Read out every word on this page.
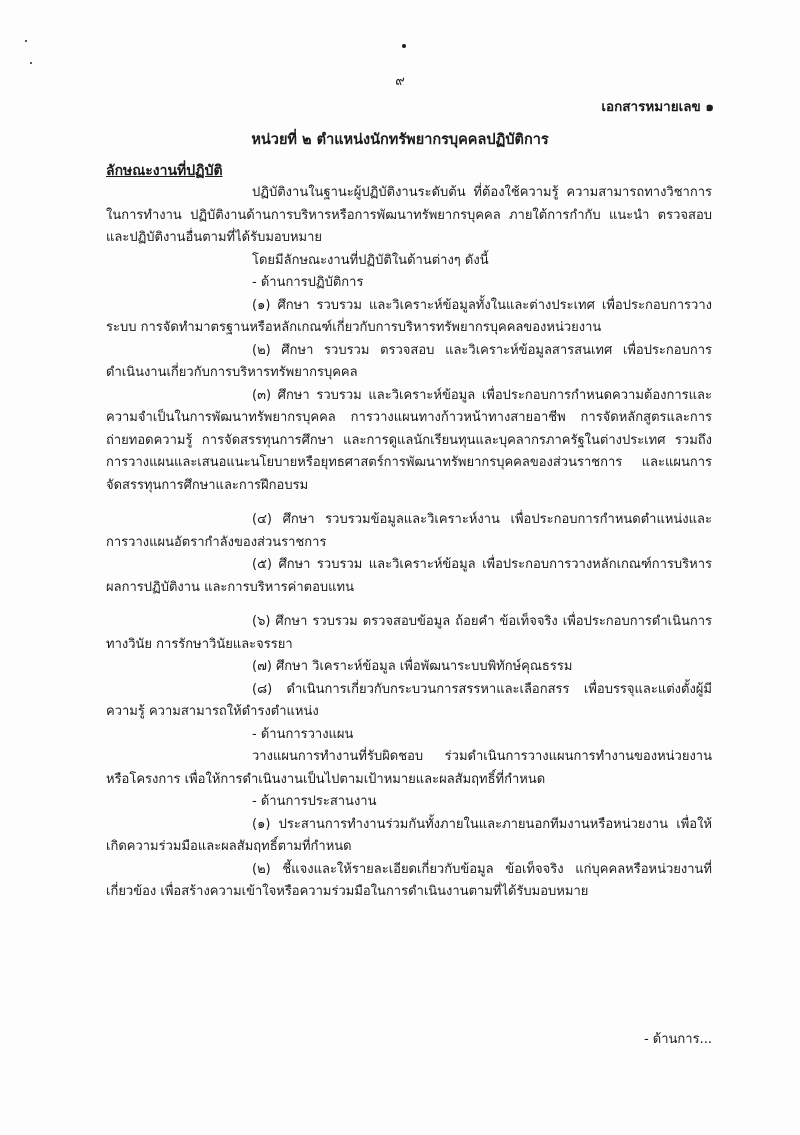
๙
เอกสารหมายเลข ๑
หน่วยที่ ๒ ตำแหน่งนักทรัพยากรบุคคลปฏิบัติการ
ลักษณะงานที่ปฏิบัติ

ปฏิบัติงานในฐานะผู้ปฏิบัติงานระดับต้น ที่ต้องใช้ความรู้ ความสามารถทางวิชาการในการทำงาน ปฏิบัติงานด้านการบริหารหรือการพัฒนาทรัพยากรบุคคล ภายใต้การกำกับ แนะนำ ตรวจสอบ และปฏิบัติงานอื่นตามที่ได้รับมอบหมาย

โดยมีลักษณะงานที่ปฏิบัติในด้านต่างๆ ดังนี้

- ด้านการปฏิบัติการ

(๑) ศึกษา รวบรวม และวิเคราะห์ข้อมูลทั้งในและต่างประเทศ เพื่อประกอบการวางระบบ การจัดทำมาตรฐานหรือหลักเกณฑ์เกี่ยวกับการบริหารทรัพยากรบุคคลของหน่วยงาน

(๒) ศึกษา รวบรวม ตรวจสอบ และวิเคราะห์ข้อมูลสารสนเทศ เพื่อประกอบการดำเนินงานเกี่ยวกับการบริหารทรัพยากรบุคคล

(๓) ศึกษา รวบรวม และวิเคราะห์ข้อมูล เพื่อประกอบการกำหนดความต้องการและความจำเป็นในการพัฒนาทรัพยากรบุคคล การวางแผนทางก้าวหน้าทางสายอาชีพ การจัดหลักสูตรและการถ่ายทอดความรู้ การจัดสรรทุนการศึกษา และการดูแลนักเรียนทุนและบุคลากรภาครัฐในต่างประเทศ รวมถึงการวางแผนและเสนอแนะนโยบายหรือยุทธศาสตร์การพัฒนาทรัพยากรบุคคลของส่วนราชการ และแผนการจัดสรรทุนการศึกษาและการฝึกอบรม

(๔) ศึกษา รวบรวมข้อมูลและวิเคราะห์งาน เพื่อประกอบการกำหนดตำแหน่งและการวางแผนอัตรากำลังของส่วนราชการ

(๕) ศึกษา รวบรวม และวิเคราะห์ข้อมูล เพื่อประกอบการวางหลักเกณฑ์การบริหารผลการปฏิบัติงาน และการบริหารค่าตอบแทน

(๖) ศึกษา รวบรวม ตรวจสอบข้อมูล ถ้อยคำ ข้อเท็จจริง เพื่อประกอบการดำเนินการทางวินัย การรักษาวินัยและจรรยา

(๗) ศึกษา วิเคราะห์ข้อมูล เพื่อพัฒนาระบบพิทักษ์คุณธรรม

(๘) ดำเนินการเกี่ยวกับกระบวนการสรรหาและเลือกสรร เพื่อบรรจุและแต่งตั้งผู้มีความรู้ ความสามารถให้ดำรงตำแหน่ง

- ด้านการวางแผน

วางแผนการทำงานที่รับผิดชอบ ร่วมดำเนินการวางแผนการทำงานของหน่วยงานหรือโครงการ เพื่อให้การดำเนินงานเป็นไปตามเป้าหมายและผลสัมฤทธิ์ที่กำหนด

- ด้านการประสานงาน

(๑) ประสานการทำงานร่วมกันทั้งภายในและภายนอกทีมงานหรือหน่วยงาน เพื่อให้เกิดความร่วมมือและผลสัมฤทธิ์ตามที่กำหนด

(๒) ชี้แจงและให้รายละเอียดเกี่ยวกับข้อมูล ข้อเท็จจริง แก่บุคคลหรือหน่วยงานที่เกี่ยวข้อง เพื่อสร้างความเข้าใจหรือความร่วมมือในการดำเนินงานตามที่ได้รับมอบหมาย

- ด้านการ...
